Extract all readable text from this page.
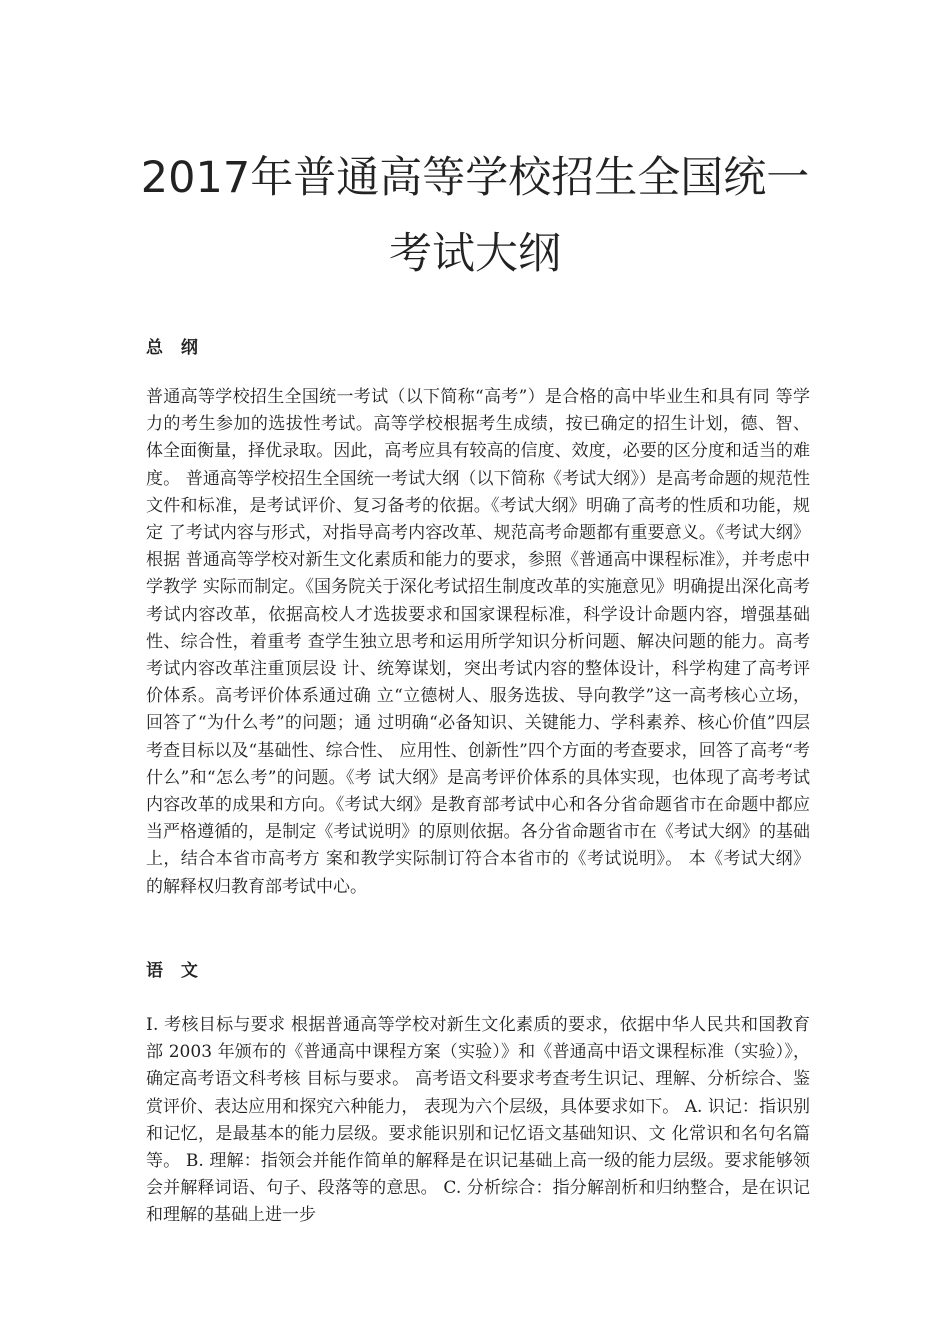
2017年普通高等学校招生全国统一考试大纲
总 纲

普通高等学校招生全国统一考试（以下简称“高考”）是合格的高中毕业生和具有同 等学力的考生参加的选拔性考试。高等学校根据考生成绩，按已确定的招生计划，德、智、 体全面衡量，择优录取。因此，高考应具有较高的信度、效度，必要的区分度和适当的难度。 普通高等学校招生全国统一考试大纲（以下简称《考试大纲》）是高考命题的规范性 文件和标准，是考试评价、复习备考的依据。《考试大纲》明确了高考的性质和功能，规定 了考试内容与形式，对指导高考内容改革、规范高考命题都有重要意义。《考试大纲》根据 普通高等学校对新生文化素质和能力的要求，参照《普通高中课程标准》，并考虑中学教学 实际而制定。《国务院关于深化考试招生制度改革的实施意见》明确提出深化高考考试内容改革，依据高校人才选拔要求和国家课程标准，科学设计命题内容，增强基础性、综合性，着重考 查学生独立思考和运用所学知识分析问题、解决问题的能力。高考考试内容改革注重顶层设 计、统筹谋划，突出考试内容的整体设计，科学构建了高考评价体系。高考评价体系通过确 立“立德树人、服务选拔、导向教学”这一高考核心立场，回答了“为什么考”的问题；通 过明确“必备知识、关键能力、学科素养、核心价值”四层考查目标以及“基础性、综合性、 应用性、创新性”四个方面的考查要求，回答了高考“考什么”和“怎么考”的问题。《考 试大纲》是高考评价体系的具体实现，也体现了高考考试内容改革的成果和方向。《考试大纲》是教育部考试中心和各分省命题省市在命题中都应当严格遵循的，是制定《考试说明》的原则依据。各分省命题省市在《考试大纲》的基础上，结合本省市高考方 案和教学实际制订符合本省市的《考试说明》。 本《考试大纲》的解释权归教育部考试中心。

语 文

Ⅰ. 考核目标与要求 根据普通高等学校对新生文化素质的要求，依据中华人民共和国教育部 2003 年颁布的《普通高中课程方案（实验）》和《普通高中语文课程标准（实验）》，确定高考语文科考核 目标与要求。 高考语文科要求考查考生识记、理解、分析综合、鉴赏评价、表达应用和探究六种能力， 表现为六个层级，具体要求如下。 A. 识记：指识别和记忆，是最基本的能力层级。要求能识别和记忆语文基础知识、文 化常识和名句名篇等。 B. 理解：指领会并能作简单的解释是在识记基础上高一级的能力层级。要求能够领 会并解释词语、句子、段落等的意思。 C. 分析综合：指分解剖析和归纳整合，是在识记和理解的基础上进一步
